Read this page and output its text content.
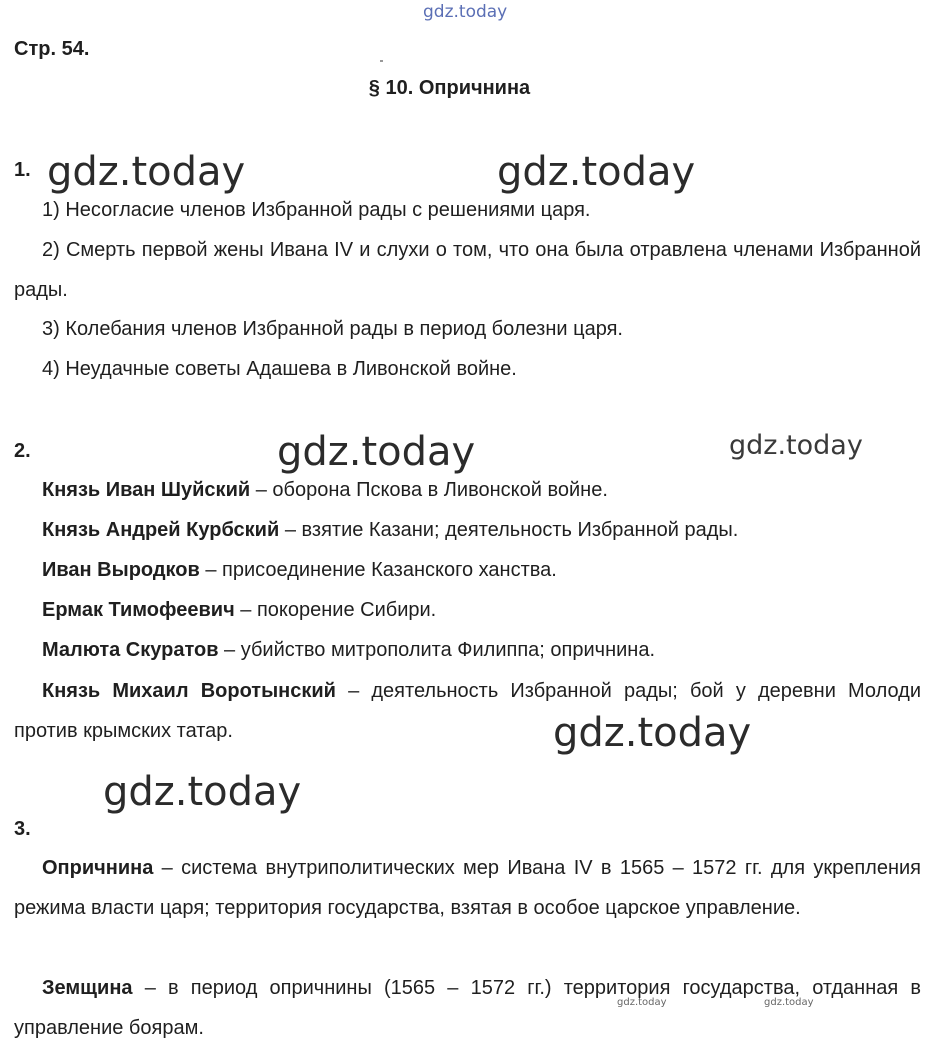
gdz.today
Стр. 54.
§ 10. Опричнина
1. gdz.today	gdz.today
1) Несогласие членов Избранной рады с решениями царя.
2) Смерть первой жены Ивана IV и слухи о том, что она была отравлена членами Избранной рады.
3) Колебания членов Избранной рады в период болезни царя.
4) Неудачные советы Адашева в Ливонской войне.
2.	gdz.today	gdz.today
Князь Иван Шуйский – оборона Пскова в Ливонской войне.
Князь Андрей Курбский – взятие Казани; деятельность Избранной рады.
Иван Выродков – присоединение Казанского ханства.
Ермак Тимофеевич – покорение Сибири.
Малюта Скуратов – убийство митрополита Филиппа; опричнина.
Князь Михаил Воротынский – деятельность Избранной рады; бой у деревни Молоди против крымских татар.	gdz.today
gdz.today
3.
Опричнина – система внутриполитических мер Ивана IV в 1565 – 1572 гг. для укрепления режима власти царя; территория государства, взятая в особое царское управление.
Земщина – в период опричнины (1565 – 1572 гг.) территория государства, отданная в управление боярам.
gdz.today	gdz.today
